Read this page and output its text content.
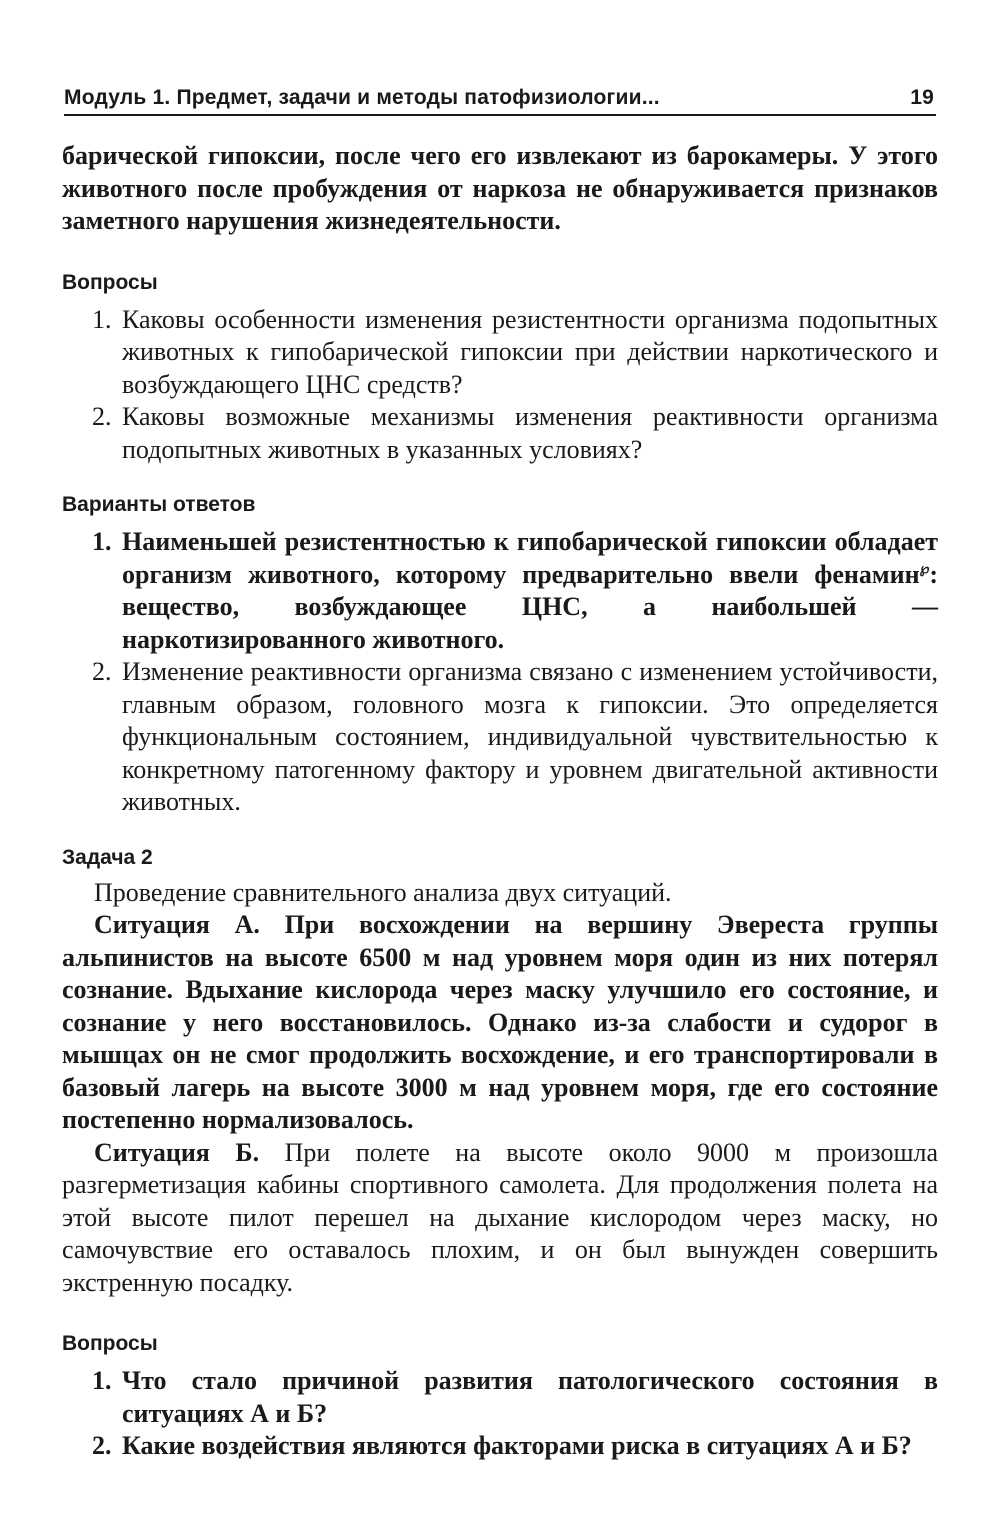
Модуль 1. Предмет, задачи и методы патофизиологии...	19

барической гипоксии, после чего его извлекают из барокамеры. У этого животного после пробуждения от наркоза не обнаруживается признаков заметного нарушения жизнедеятельности.

Вопросы
1. Каковы особенности изменения резистентности организма подопытных животных к гипобарической гипоксии при действии наркотического и возбуждающего ЦНС средств?
2. Каковы возможные механизмы изменения реактивности организма подопытных животных в указанных условиях?
Варианты ответов
1. Наименьшей резистентностью к гипобарической гипоксии обладает организм животного, которому предварительно ввели фенамин℘: вещество, возбуждающее ЦНС, а наибольшей — наркотизированного животного.
2. Изменение реактивности организма связано с изменением устойчивости, главным образом, головного мозга к гипоксии. Это определяется функциональным состоянием, индивидуальной чувствительностью к конкретному патогенному фактору и уровнем двигательной активности животных.
Задача 2

Проведение сравнительного анализа двух ситуаций.

Ситуация А. При восхождении на вершину Эвереста группы альпинистов на высоте 6500 м над уровнем моря один из них потерял сознание. Вдыхание кислорода через маску улучшило его состояние, и сознание у него восстановилось. Однако из-за слабости и судорог в мышцах он не смог продолжить восхождение, и его транспортировали в базовый лагерь на высоте 3000 м над уровнем моря, где его состояние постепенно нормализовалось.

Ситуация Б. При полете на высоте около 9000 м произошла разгерметизация кабины спортивного самолета. Для продолжения полета на этой высоте пилот перешел на дыхание кислородом через маску, но самочувствие его оставалось плохим, и он был вынужден совершить экстренную посадку.

Вопросы
1. Что стало причиной развития патологического состояния в ситуациях А и Б?
2. Какие воздействия являются факторами риска в ситуациях А и Б?
